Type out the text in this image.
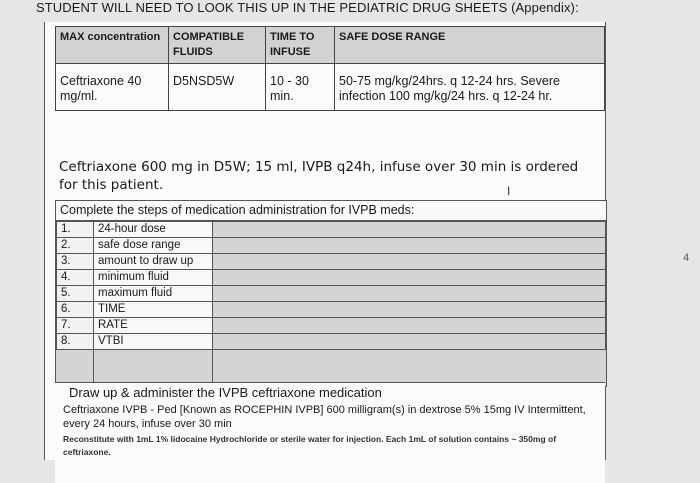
STUDENT WILL NEED TO LOOK THIS UP IN THE PEDIATRIC DRUG SHEETS (Appendix):
MAX concentration	COMPATIBLE FLUIDS	TIME TO INFUSE	SAFE DOSE RANGE
Ceftriaxone 40 mg/ml.	D5NSD5W	10 - 30 min.	50-75 mg/kg/24hrs. q 12-24 hrs. Severe infection 100 mg/kg/24 hrs. q 12-24 hr.
Ceftriaxone 600 mg in D5W; 15 ml, IVPB q24h, infuse over 30 min is ordered for this patient.	I
Complete the steps of medication administration for IVPB meds:
1.	24-hour dose	
2.	safe dose range	
3.	amount to draw up	
4.	minimum fluid	
5.	maximum fluid	
6.	TIME	
7.	RATE	
8.	VTBI	
Draw up & administer the IVPB ceftriaxone medication
Ceftriaxone IVPB - Ped [Known as ROCEPHIN IVPB] 600 milligram(s) in dextrose 5% 15mg IV Intermittent, every 24 hours, infuse over 30 min
Reconstitute with 1mL 1% lidocaine Hydrochloride or sterile water for injection. Each 1mL of solution contains ~ 350mg of ceftriaxone.
4
